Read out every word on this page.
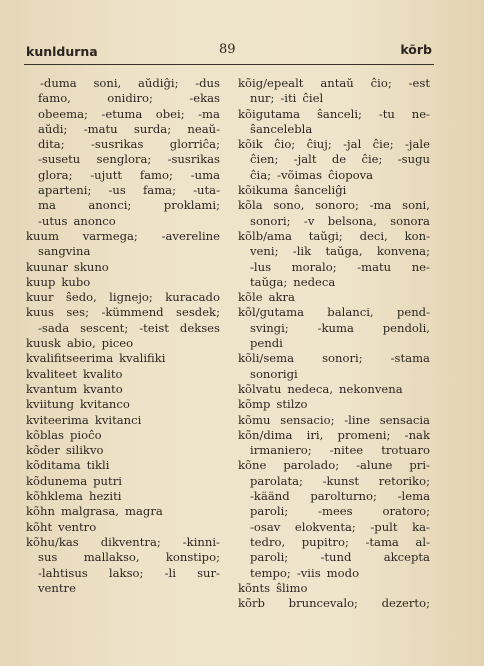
kunldurna	89	kõrb
-duma soni, aŭdiĝi; -dus
famo,	onidiro;	-ekas
obeema; -etuma obei; -ma
aŭdi; -matu surda; neaŭ-
dita; -susrikas glorriĉa;
-susetu senglora; -susrikas
glora; -ujutt famo; -uma
aparteni; -us fama; -uta-
ma	anonci;	proklami;
-utus anonco
kuum varmega; -avereline
sangvina
kuunar skuno
kuup kubo
kuur ŝedo, lignejo; kuracado
kuus ses; -kümmend sesdek;
-sada sescent; -teist dekses
kuusk abio, piceo
kvalifitseerima kvalifiki
kvaliteet kvalito
kvantum kvanto
kviitung kvitanco
kviteerima kvitanci
kõblas pioĉo
kõder silikvo
kõditama tikli
kõdunema putri
kõhklema heziti
kõhn malgrasa, magra
kõht ventro
kõhu/kas dikventra; -kinni-
sus mallakso, konstipo;
-lahtisus lakso; -li sur-
ventre
kõig/epealt antaŭ ĉio; -est
nur; -iti ĉiel
kõigutama ŝanceli; -tu ne-
ŝancelebla
kõik ĉio; ĉiuj; -jal ĉie; -jale
ĉien; -jalt de ĉie; -sugu
ĉia; -võimas ĉiopova
kõikuma ŝanceliĝi
kõla sono, sonoro; -ma soni,
sonori; -v belsona, sonora
kõlb/ama taŭgi; deci, kon-
veni; -lik taŭga, konvena;
-lus moralo; -matu ne-
taŭga; nedeca
kõle akra
kõl/gutama balanci, pend-
svingi; -kuma pendoli,
pendi
kõli/sema sonori; -stama
sonorigi
kõlvatu nedeca, nekonvena
kõmp stilzo
kõmu sensacio; -line sensacia
kõn/dima iri, promeni; -nak
irmaniero; -nitee trotuaro
kõne parolado; -alune pri-
parolata; -kunst retoriko;
-käänd parolturno; -lema
paroli;	-mees	oratoro;
-osav elokventa; -pult ka-
tedro, pupitro; -tama al-
paroli;	-tund	akcepta
tempo; -viis modo
kõnts ŝlimo
kõrb bruncevalo; dezerto;
